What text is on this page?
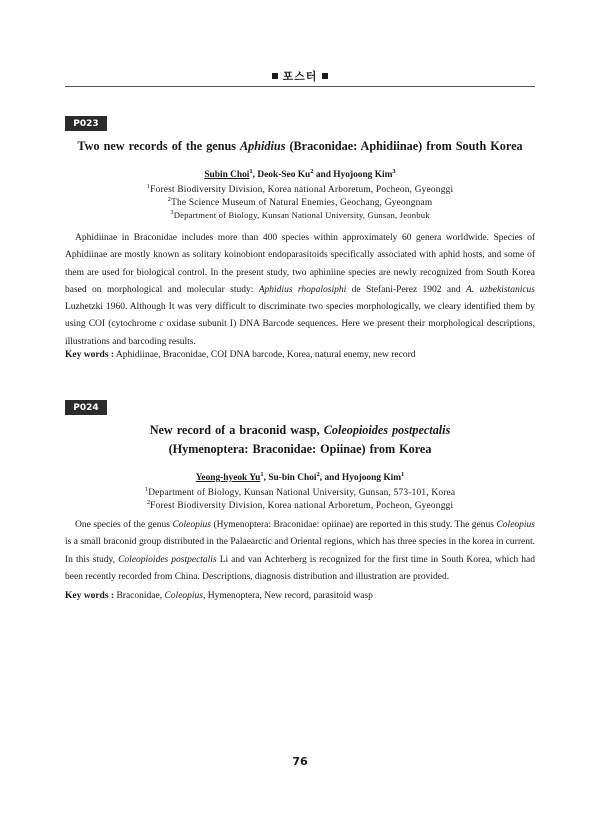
포스터
P023
Two new records of the genus Aphidius (Braconidae: Aphidiinae) from South Korea
Subin Choi$^1$, Deok-Seo Ku$^2$ and Hyojoong Kim$^3$
$^1$Forest Biodiversity Division, Korea national Arboretum, Pocheon, Gyeonggi
$^2$The Science Museum of Natural Enemies, Geochang, Gyeongnam
$^3$Department of Biology, Kunsan National University, Gunsan, Jeonbuk

Aphidiinae in Braconidae includes more than 400 species within approximately 60 genera worldwide. Species of Aphidiinae are mostly known as solitary koinobiont endoparasitoids specifically associated with aphid hosts, and some of them are used for biological control. In the present study, two aphiniine species are newly recognized from South Korea based on morphological and molecular study: Aphidius rhopalosiphi de Stefani-Perez 1902 and A. uzbekistanicus Luzhetzki 1960. Although It was very difficult to discriminate two species morphologically, we cleary identified them by using COI (cytochrome c oxidase subunit I) DNA Barcode sequences. Here we present their morphological descriptions, illustrations and barcoding results.

Key words : Aphidiinae, Braconidae, COI DNA barcode, Korea, natural enemy, new record
P024
New record of a braconid wasp, Coleopioides postpectalis
(Hymenoptera: Braconidae: Opiinae) from Korea
Yeong-hyeok Yu$^1$, Su-bin Choi$^2$, and Hyojoong Kim$^1$
$^1$Department of Biology, Kunsan National University, Gunsan, 573-101, Korea
$^2$Forest Biodiversity Division, Korea national Arboretum, Pocheon, Gyeonggi

One species of the genus Coleopius (Hymenoptera: Braconidae: opiinae) are reported in this study. The genus Coleopius is a small braconid group distributed in the Palaearctic and Oriental regions, which has three species in the korea in current. In this study, Coleopioides postpectalis Li and van Achterberg is recognized for the first time in South Korea, which had been recently recorded from China. Descriptions, diagnosis distribution and illustration are provided.

Key words : Braconidae, Coleopius, Hymenoptera, New record, parasitoid wasp
76
